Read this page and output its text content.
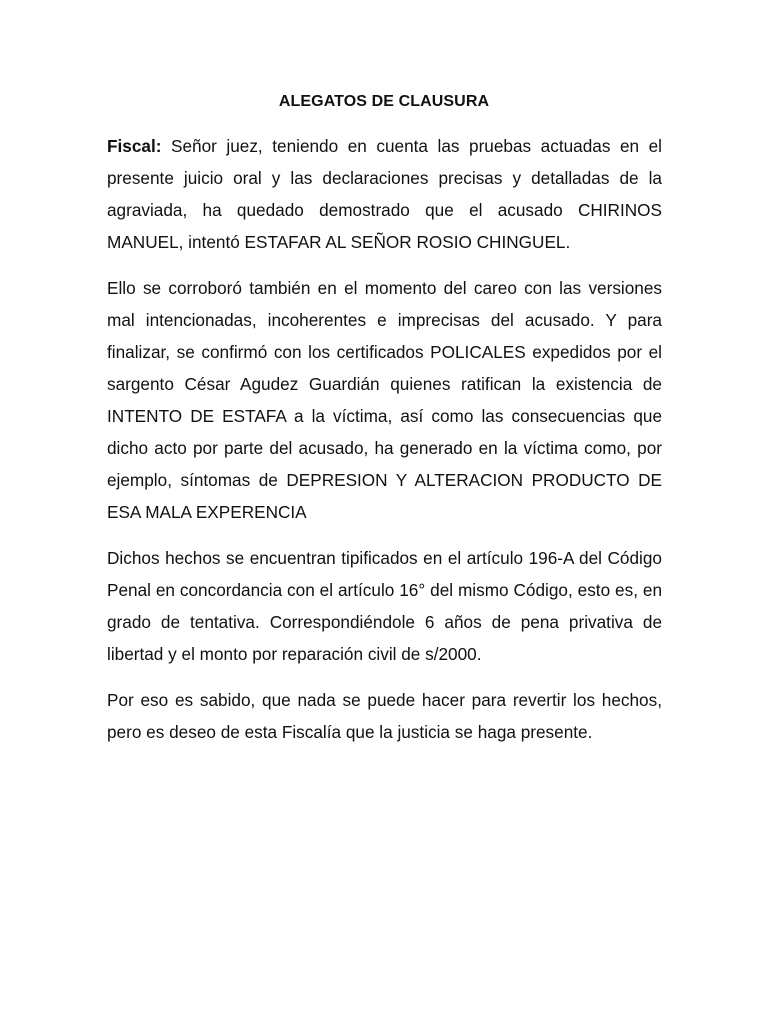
ALEGATOS DE CLAUSURA

Fiscal: Señor juez, teniendo en cuenta las pruebas actuadas en el presente juicio oral y las declaraciones precisas y detalladas de la agraviada, ha quedado demostrado que el acusado CHIRINOS MANUEL, intentó ESTAFAR AL SEÑOR ROSIO CHINGUEL.

Ello se corroboró también en el momento del careo con las versiones mal intencionadas, incoherentes e imprecisas del acusado. Y para finalizar, se confirmó con los certificados POLICALES expedidos por el sargento César Agudez Guardián quienes ratifican la existencia de INTENTO DE ESTAFA a la víctima, así como las consecuencias que dicho acto por parte del acusado, ha generado en la víctima como, por ejemplo, síntomas de DEPRESION Y ALTERACION PRODUCTO DE ESA MALA EXPERENCIA

Dichos hechos se encuentran tipificados en el artículo 196-A del Código Penal en concordancia con el artículo 16° del mismo Código, esto es, en grado de tentativa. Correspondiéndole 6 años de pena privativa de libertad y el monto por reparación civil de s/2000.

Por eso es sabido, que nada se puede hacer para revertir los hechos, pero es deseo de esta Fiscalía que la justicia se haga presente.
